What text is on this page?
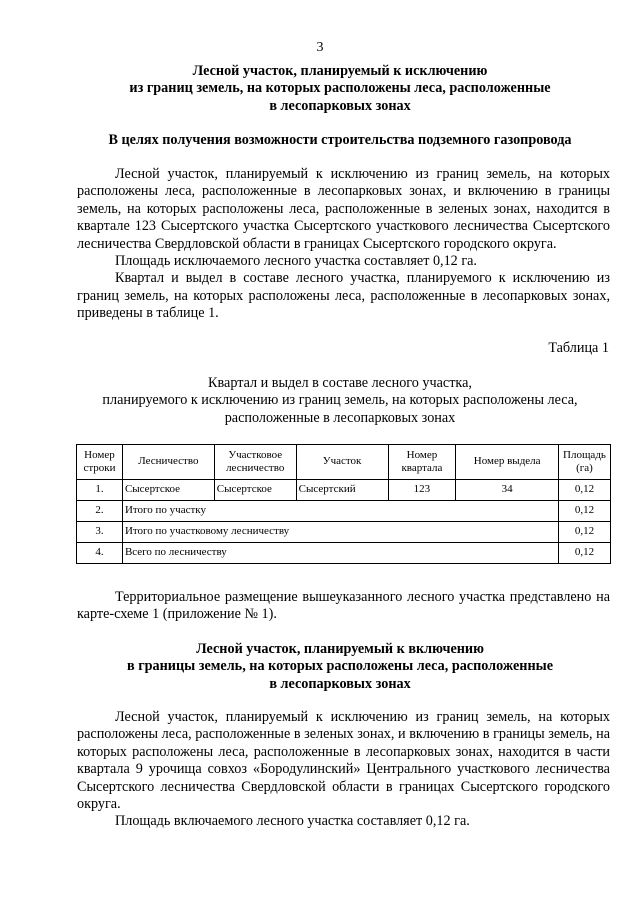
3
Лесной участок, планируемый к исключению
из границ земель, на которых расположены леса, расположенные
в лесопарковых зонах
В целях получения возможности строительства подземного газопровода

Лесной участок, планируемый к исключению из границ земель, на которых расположены леса, расположенные в лесопарковых зонах, и включению в границы земель, на которых расположены леса, расположенные в зеленых зонах, находится в квартале 123 Сысертского участка Сысертского участкового лесничества Сысертского лесничества Свердловской области в границах Сысертского городского округа.

Площадь исключаемого лесного участка составляет 0,12 га.

Квартал и выдел в составе лесного участка, планируемого к исключению из границ земель, на которых расположены леса, расположенные в лесопарковых зонах, приведены в таблице 1.

Таблица 1
Квартал и выдел в составе лесного участка,
планируемого к исключению из границ земель, на которых расположены леса,
расположенные в лесопарковых зонах
Номер строки	Лесничество	Участковое лесничество	Участок	Номер квартала	Номер выдела	Площадь (га)
1.	Сысертское	Сысертское	Сысертский	123	34	0,12
2.	Итого по участку					0,12
3.	Итого по участковому лесничеству					0,12
4.	Всего по лесничеству					0,12

Территориальное размещение вышеуказанного лесного участка представлено на карте-схеме 1 (приложение № 1).

Лесной участок, планируемый к включению
в границы земель, на которых расположены леса, расположенные
в лесопарковых зонах

Лесной участок, планируемый к исключению из границ земель, на которых расположены леса, расположенные в зеленых зонах, и включению в границы земель, на которых расположены леса, расположенные в лесопарковых зонах, находится в части квартала 9 урочища совхоз «Бородулинский» Центрального участкового лесничества Сысертского лесничества Свердловской области в границах Сысертского городского округа.

Площадь включаемого лесного участка составляет 0,12 га.
